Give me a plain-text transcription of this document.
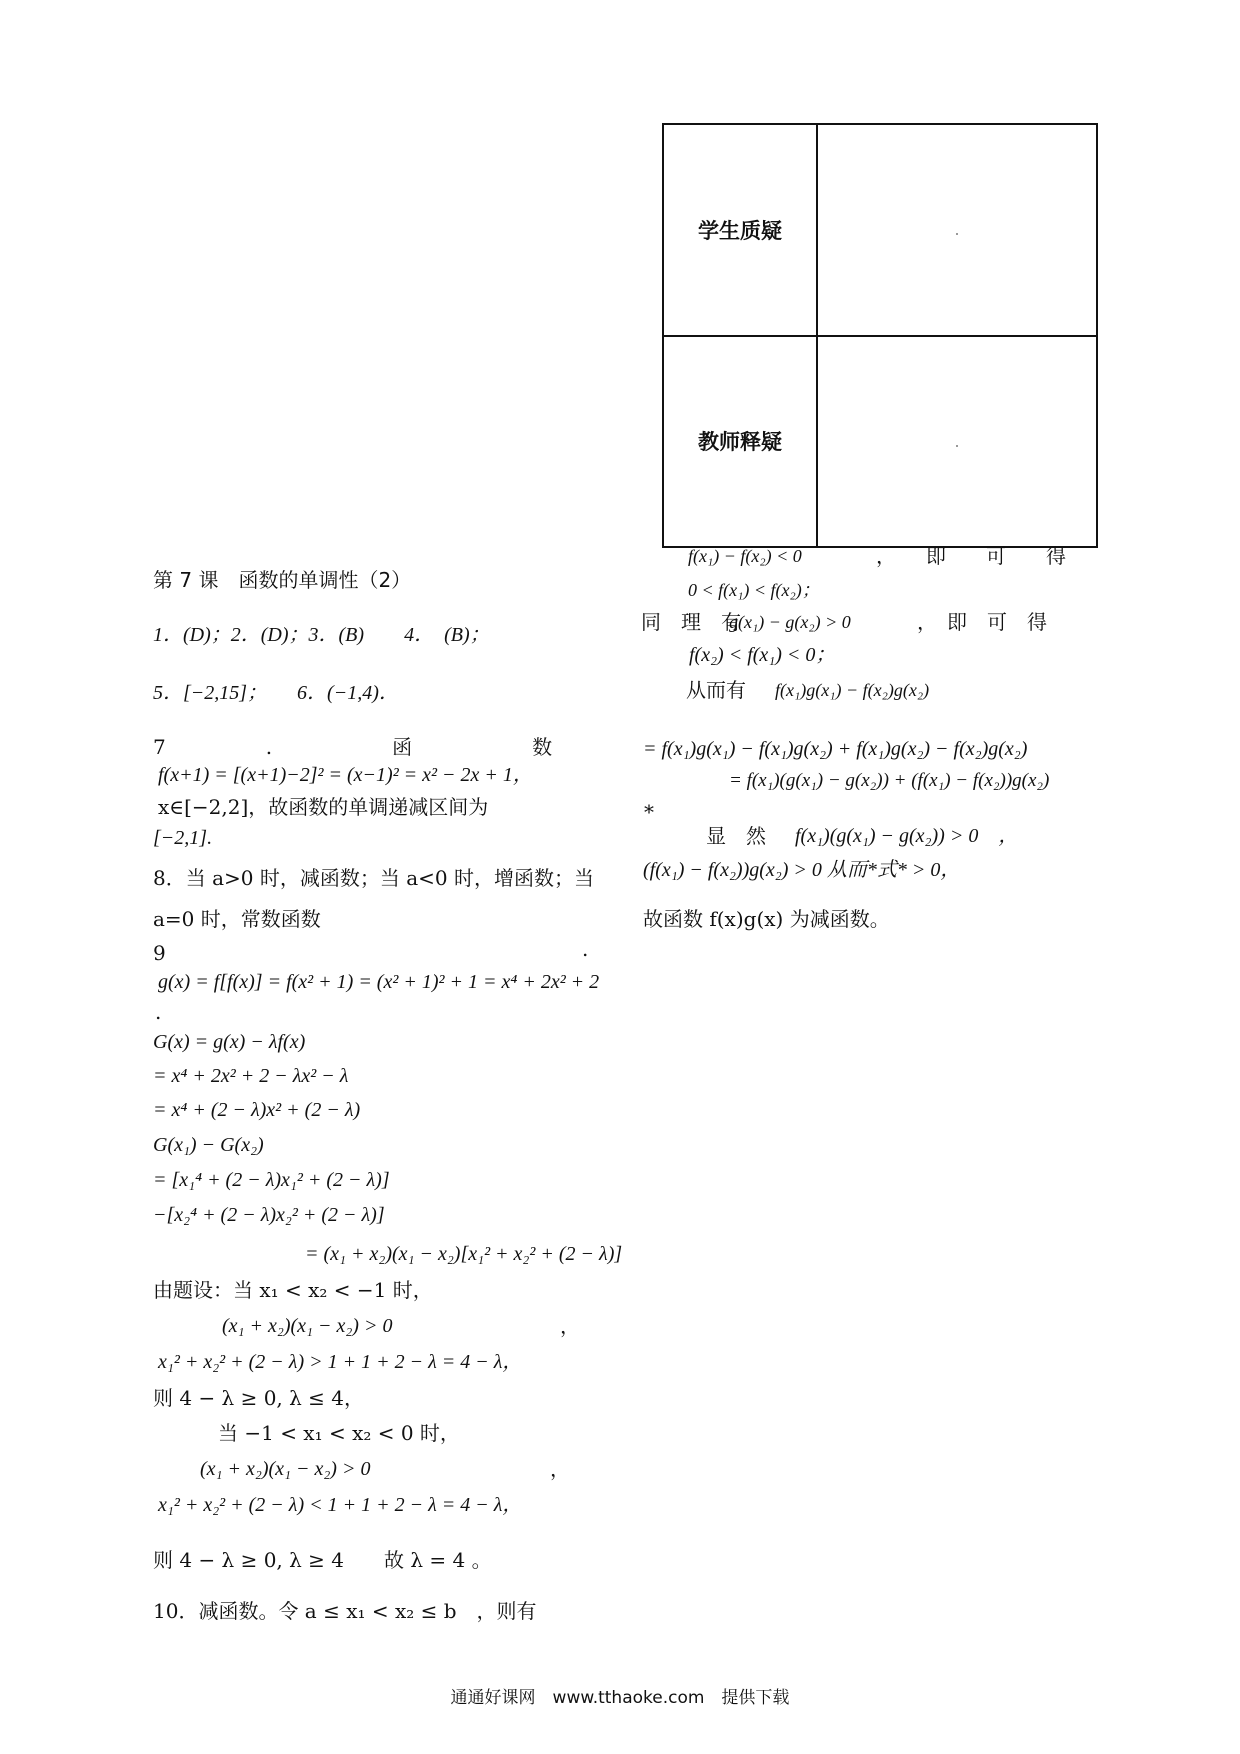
学生质疑	
教师释疑	
第 7 课　函数的单调性（2）
1．(D)；2．(D)；3．(B)　　4．　(B)；
5．[−2,15]；　　6．(−1,4)．
7　　　　　.　　　　　　函　　　　　　数
f(x+1) = [(x+1)−2]² = (x−1)² = x² − 2x + 1，
x∈[−2,2]，故函数的单调递减区间为
[−2,1].
8．当 a>0 时，减函数；当 a<0 时，增函数；当
a=0 时，常数函数
9	.
g(x) = f[f(x)] = f(x² + 1) = (x² + 1)² + 1 = x⁴ + 2x² + 2
.
G(x) = g(x) − λf(x)
= x⁴ + 2x² + 2 − λx² − λ
= x⁴ + (2 − λ)x² + (2 − λ)
G(x₁) − G(x₂)
= [x₁⁴ + (2 − λ)x₁² + (2 − λ)]
−[x₂⁴ + (2 − λ)x₂² + (2 − λ)]
= (x₁ + x₂)(x₁ − x₂)[x₁² + x₂² + (2 − λ)]
由题设：当 x₁ < x₂ < −1 时，
(x₁ + x₂)(x₁ − x₂) > 0	，
x₁² + x₂² + (2 − λ) > 1 + 1 + 2 − λ = 4 − λ，
则 4 − λ ≥ 0, λ ≤ 4，
当 −1 < x₁ < x₂ < 0 时，
(x₁ + x₂)(x₁ − x₂) > 0	，
x₁² + x₂² + (2 − λ) < 1 + 1 + 2 − λ = 4 − λ，
则 4 − λ ≥ 0, λ ≥ 4　　故 λ = 4 。
10．减函数。令 a ≤ x₁ < x₂ ≤ b　，则有
f(x₁) − f(x₂) < 0	，　　即　　可　　得
0 < f(x₁) < f(x₂)；
同　理　有
g(x₁) − g(x₂) > 0	，　即　可　得
f(x₂) < f(x₁) < 0；
从而有 f(x₁)g(x₁) − f(x₂)g(x₂)
= f(x₁)g(x₁) − f(x₁)g(x₂) + f(x₁)g(x₂) − f(x₂)g(x₂)
= f(x₁)(g(x₁) − g(x₂)) + (f(x₁) − f(x₂))g(x₂)
*
显　然 f(x₁)(g(x₁) − g(x₂)) > 0　，
(f(x₁) − f(x₂))g(x₂) > 0 从而*式* > 0，
故函数 f(x)g(x) 为减函数。
通通好课网　www.tthaoke.com　提供下载
